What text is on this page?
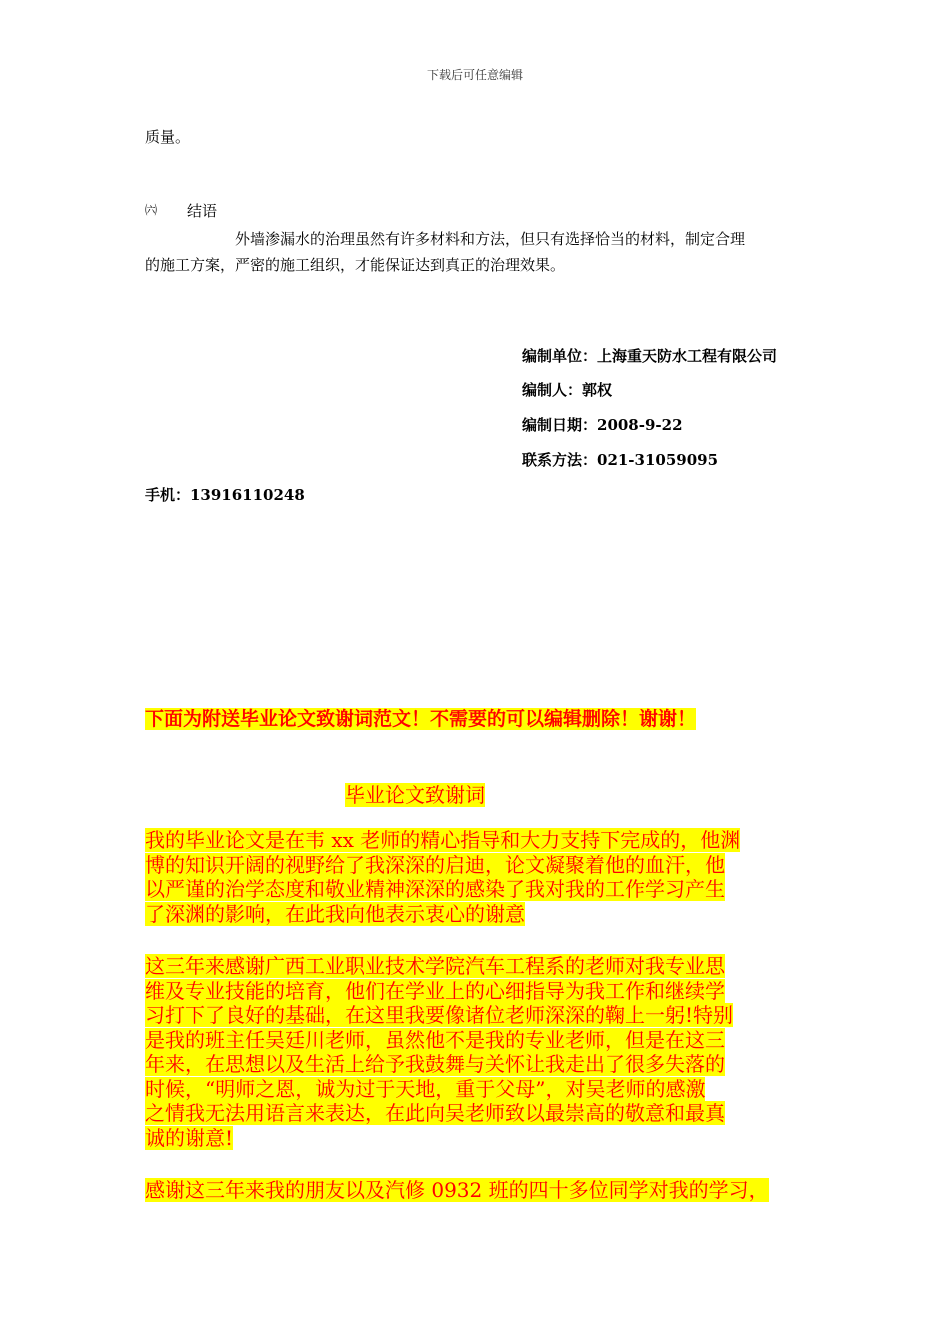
下载后可任意编辑
质量。
㈥ 结语
外墙渗漏水的治理虽然有许多材料和方法，但只有选择恰当的材料，制定合理
的施工方案，严密的施工组织，才能保证达到真正的治理效果。
编制单位：上海重天防水工程有限公司
编制人：郭权
编制日期：2008-9-22
联系方法：021-31059095
手机：13916110248
下面为附送毕业论文致谢词范文！不需要的可以编辑删除！谢谢！
毕业论文致谢词
我的毕业论文是在韦 xx 老师的精心指导和大力支持下完成的，他渊
博的知识开阔的视野给了我深深的启迪，论文凝聚着他的血汗，他
以严谨的治学态度和敬业精神深深的感染了我对我的工作学习产生
了深渊的影响，在此我向他表示衷心的谢意
这三年来感谢广西工业职业技术学院汽车工程系的老师对我专业思
维及专业技能的培育，他们在学业上的心细指导为我工作和继续学
习打下了良好的基础，在这里我要像诸位老师深深的鞠上一躬!特别
是我的班主任吴廷川老师，虽然他不是我的专业老师，但是在这三
年来，在思想以及生活上给予我鼓舞与关怀让我走出了很多失落的
时候，“明师之恩，诚为过于天地，重于父母”，对吴老师的感激
之情我无法用语言来表达，在此向吴老师致以最崇高的敬意和最真
诚的谢意!
感谢这三年来我的朋友以及汽修 0932 班的四十多位同学对我的学习，
